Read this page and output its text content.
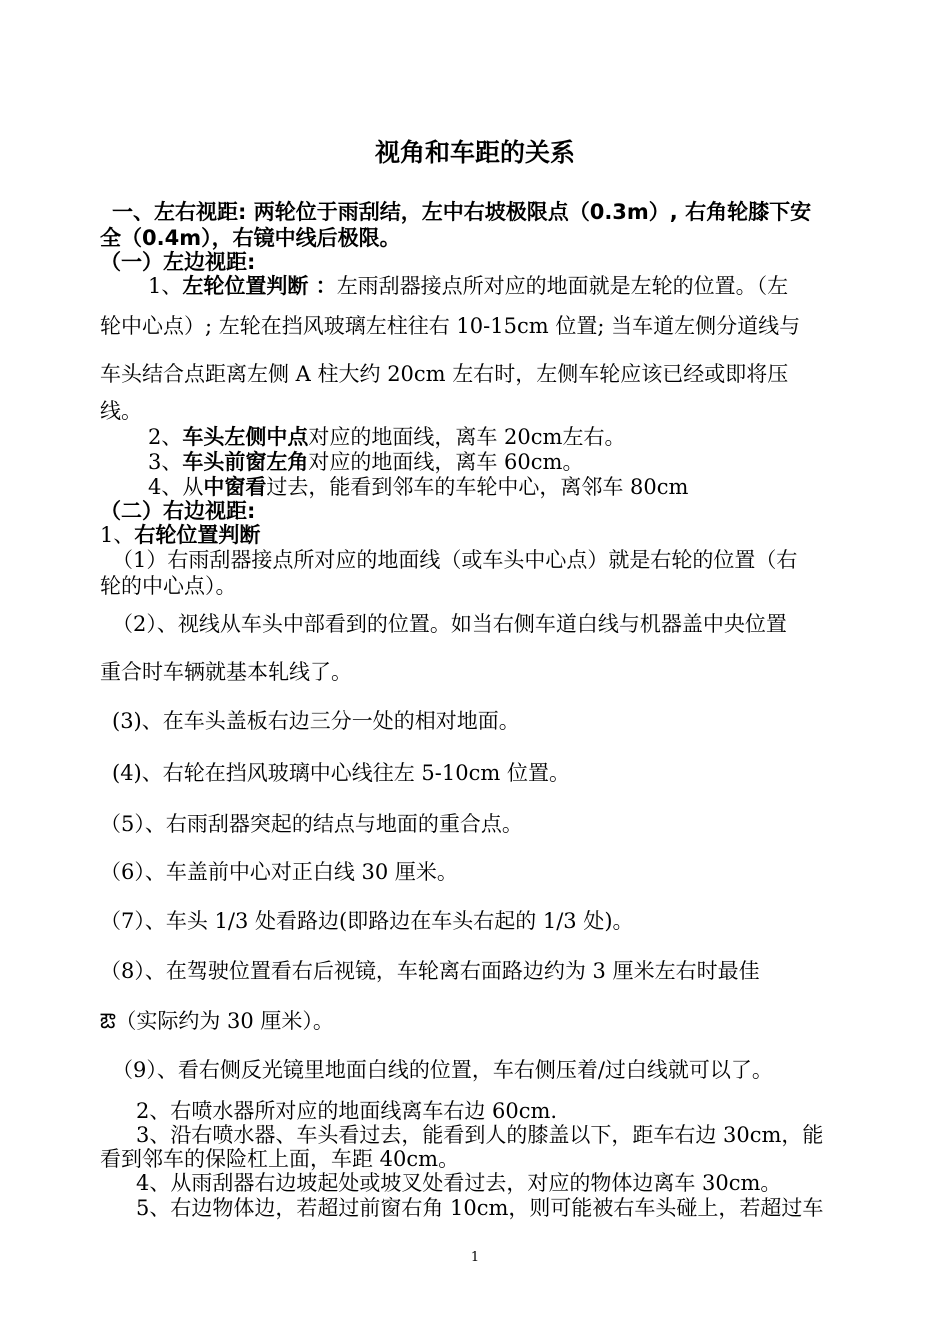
视角和车距的关系
一、左右视距: 两轮位于雨刮结，左中右坡极限点（0.3m）, 右角轮膝下安
全（0.4m），右镜中线后极限。
（一）左边视距:
1、左轮位置判断 ：左雨刮器接点所对应的地面就是左轮的位置。（左
轮中心点）; 左轮在挡风玻璃左柱往右 10-15cm 位置; 当车道左侧分道线与
车头结合点距离左侧 A 柱大约 20cm 左右时，左侧车轮应该已经或即将压
线。
2、车头左侧中点对应的地面线，离车 20cm左右。
3、车头前窗左角对应的地面线，离车 60cm。
4、从中窗看过去，能看到邻车的车轮中心，离邻车 80cm
（二）右边视距:
1、右轮位置判断
（1）右雨刮器接点所对应的地面线（或车头中心点）就是右轮的位置（右
轮的中心点）。
（2）、视线从车头中部看到的位置。如当右侧车道白线与机器盖中央位置
重合时车辆就基本轧线了。
(3)、在车头盖板右边三分一处的相对地面。
(4)、右轮在挡风玻璃中心线往左 5-10cm 位置。
（5）、右雨刮器突起的结点与地面的重合点。
（6）、车盖前中心对正白线 30 厘米。
（7）、车头 1/3 处看路边(即路边在车头右起的 1/3 处)。
（8）、在驾驶位置看右后视镜，车轮离右面路边约为 3 厘米左右时最佳
ఔ（实际约为 30 厘米）。
（9）、看右侧反光镜里地面白线的位置，车右侧压着/过白线就可以了。
2、右喷水器所对应的地面线离车右边 60cm.
3、沿右喷水器、车头看过去，能看到人的膝盖以下，距车右边 30cm，能
看到邻车的保险杠上面，车距 40cm。
4、从雨刮器右边坡起处或坡叉处看过去，对应的物体边离车 30cm。
5、右边物体边，若超过前窗右角 10cm，则可能被右车头碰上，若超过车
1
